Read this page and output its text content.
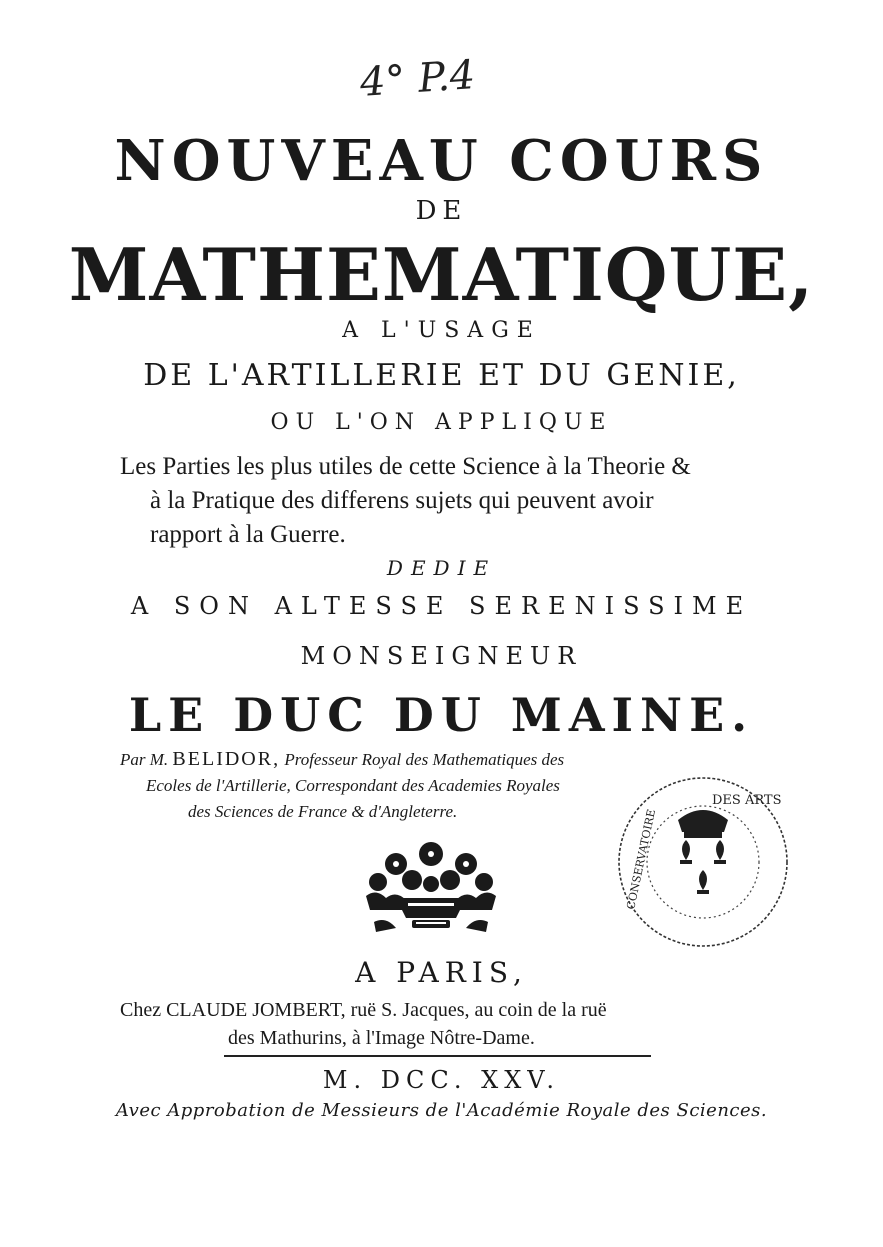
4° P.4
NOUVEAU COURS
DE
MATHEMATIQUE,
A L'USAGE
DE L'ARTILLERIE ET DU GENIE,
OU L'ON APPLIQUE
Les Parties les plus utiles de cette Science à la Theorie &
à la Pratique des differens sujets qui peuvent avoir
rapport à la Guerre.
DEDIE
A SON ALTESSE SERENISSIME
MONSEIGNEUR
LE DUC DU MAINE.
Par M. BELIDOR, Professeur Royal des Mathematiques des
Ecoles de l'Artillerie, Correspondant des Academies Royales
des Sciences de France & d'Angleterre.
DES ARTS
CONSERVATOIRE
A PARIS,
Chez CLAUDE JOMBERT, ruë S. Jacques, au coin de la ruë
des Mathurins, à l'Image Nôtre-Dame.
M. DCC. XXV.
Avec Approbation de Messieurs de l'Académie Royale des Sciences.
